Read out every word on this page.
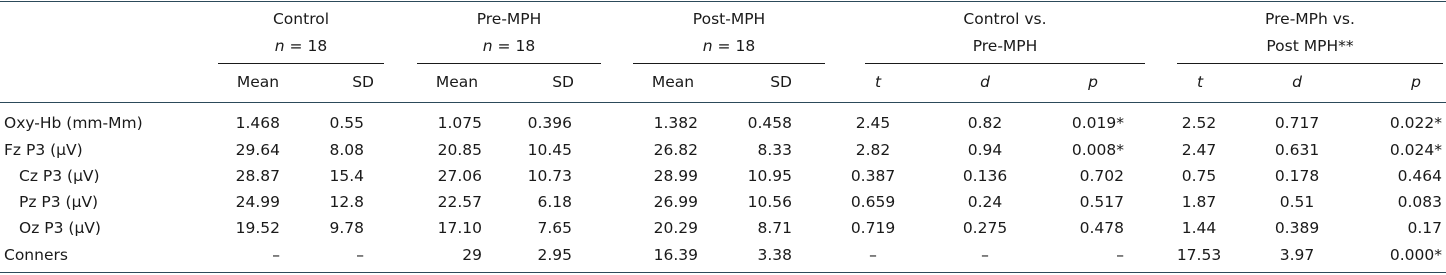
Control	Pre-MPH	Post-MPH	Control vs.	Pre-MPh vs.
n = 18	n = 18	n = 18	Pre-MPH	Post MPH**
Mean	SD	Mean	SD	Mean	SD	t	d	p	t	d	p
Oxy-Hb (mm-Mm)	1.468	0.55	1.075	0.396	1.382	0.458	2.45	0.82	0.019*	2.52	0.717	0.022*
Fz P3 (µV)	29.64	8.08	20.85	10.45	26.82	8.33	2.82	0.94	0.008*	2.47	0.631	0.024*
Cz P3 (µV)	28.87	15.4	27.06	10.73	28.99	10.95	0.387	0.136	0.702	0.75	0.178	0.464
Pz P3 (µV)	24.99	12.8	22.57	6.18	26.99	10.56	0.659	0.24	0.517	1.87	0.51	0.083
Oz P3 (µV)	19.52	9.78	17.10	7.65	20.29	8.71	0.719	0.275	0.478	1.44	0.389	0.17
Conners	–	–	29	2.95	16.39	3.38	–	–	–	17.53	3.97	0.000*
